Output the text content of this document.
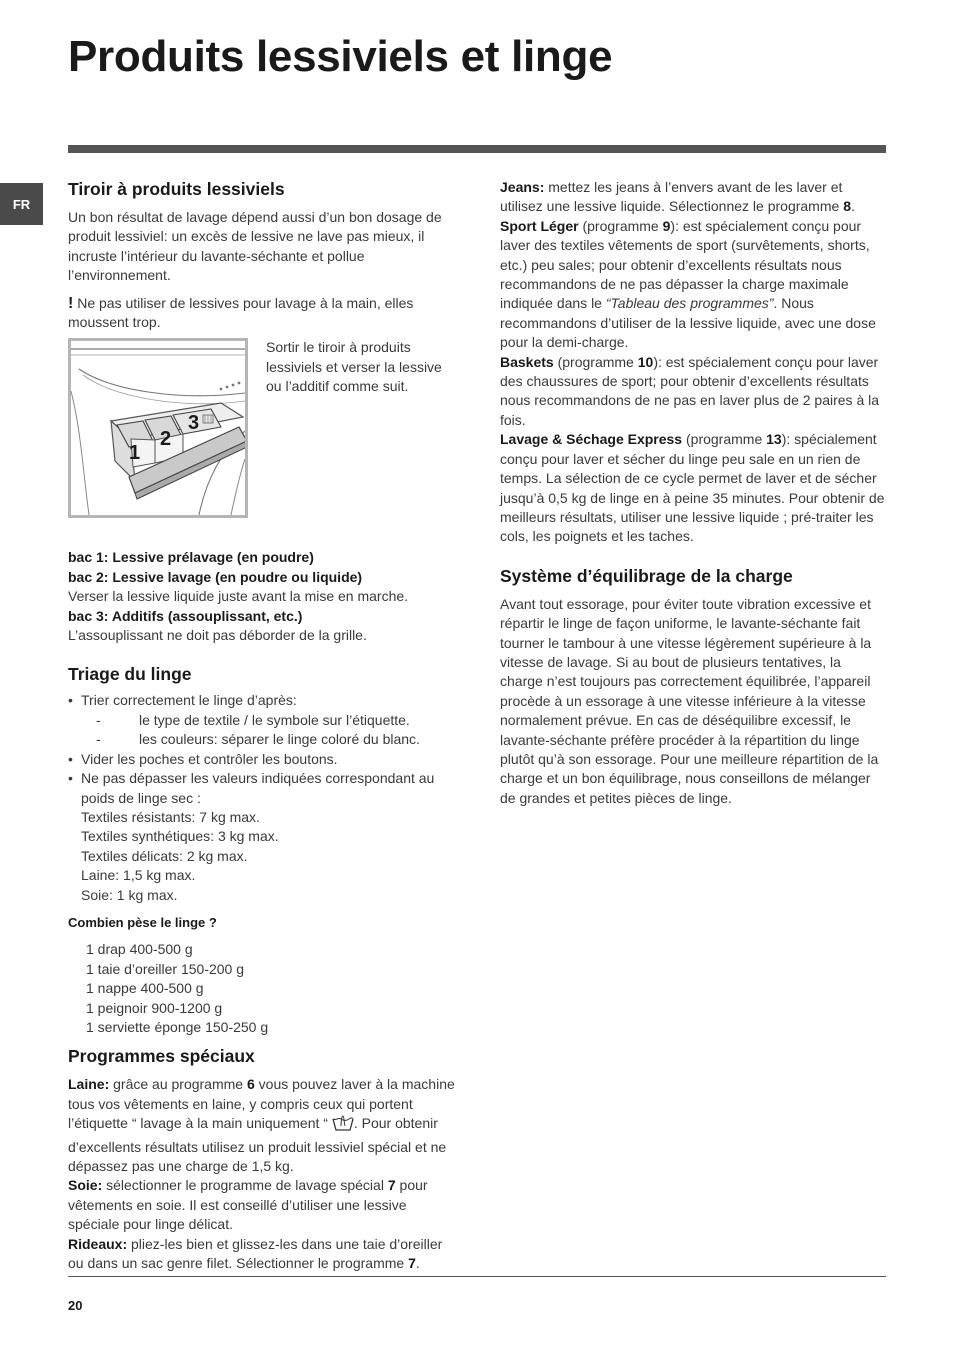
Produits lessiviels et linge
FR
Tiroir à produits lessiviels

Un bon résultat de lavage dépend aussi d’un bon dosage de produit lessiviel: un excès de lessive ne lave pas mieux, il incruste l’intérieur du lavante-séchante et pollue l’environnement.

! Ne pas utiliser de lessives pour lavage à la main, elles moussent trop.

1
2
3

Sortir le tiroir à produits lessiviels et verser la lessive ou l’additif comme suit.

bac 1: Lessive prélavage (en poudre)

bac 2: Lessive lavage (en poudre ou liquide)

Verser la lessive liquide juste avant la mise en marche.

bac 3: Additifs (assouplissant, etc.)

L’assouplissant ne doit pas déborder de la grille.

Triage du linge
• Trier correctement le linge d’après:
-	le type de textile / le symbole sur l’étiquette.
-	les couleurs: séparer le linge coloré du blanc.
• Vider les poches et contrôler les boutons.
• Ne pas dépasser les valeurs indiquées correspondant au poids de linge sec :
Textiles résistants: 7 kg max.
Textiles synthétiques: 3 kg max.
Textiles délicats: 2 kg max.
Laine: 1,5 kg max.
Soie: 1 kg max.

Combien pèse le linge ?

1 drap 400-500 g
1 taie d’oreiller 150-200 g
1 nappe 400-500 g
1 peignoir 900-1200 g
1 serviette éponge 150-250 g
Programmes spéciaux

Laine: grâce au programme 6 vous pouvez laver à la machine tous vos vêtements en laine, y compris ceux qui portent l’étiquette “ lavage à la main uniquement “ . Pour obtenir d’excellents résultats utilisez un produit lessiviel spécial et ne dépassez pas une charge de 1,5 kg.

Soie: sélectionner le programme de lavage spécial 7 pour vêtements en soie. Il est conseillé d’utiliser une lessive spéciale pour linge délicat.

Rideaux: pliez-les bien et glissez-les dans une taie d’oreiller ou dans un sac genre filet. Sélectionner le programme 7.

Jeans: mettez les jeans à l’envers avant de les laver et utilisez une lessive liquide. Sélectionnez le programme 8.

Sport Léger (programme 9): est spécialement conçu pour laver des textiles vêtements de sport (survêtements, shorts, etc.) peu sales; pour obtenir d’excellents résultats nous recommandons de ne pas dépasser la charge maximale indiquée dans le “Tableau des programmes”. Nous recommandons d’utiliser de la lessive liquide, avec une dose pour la demi-charge.

Baskets (programme 10): est spécialement conçu pour laver des chaussures de sport; pour obtenir d’excellents résultats nous recommandons de ne pas en laver plus de 2 paires à la fois.

Lavage & Séchage Express (programme 13): spécialement conçu pour laver et sécher du linge peu sale en un rien de temps. La sélection de ce cycle permet de laver et de sécher jusqu’à 0,5 kg de linge en à peine 35 minutes. Pour obtenir de meilleurs résultats, utiliser une lessive liquide ; pré-traiter les cols, les poignets et les taches.

Système d’équilibrage de la charge

Avant tout essorage, pour éviter toute vibration excessive et répartir le linge de façon uniforme, le lavante-séchante fait tourner le tambour à une vitesse légèrement supérieure à la vitesse de lavage. Si au bout de plusieurs tentatives, la charge n’est toujours pas correctement équilibrée, l’appareil procède à un essorage à une vitesse inférieure à la vitesse normalement prévue. En cas de déséquilibre excessif, le lavante-séchante préfère procéder à la répartition du linge plutôt qu’à son essorage. Pour une meilleure répartition de la charge et un bon équilibrage, nous conseillons de mélanger de grandes et petites pièces de linge.

20
